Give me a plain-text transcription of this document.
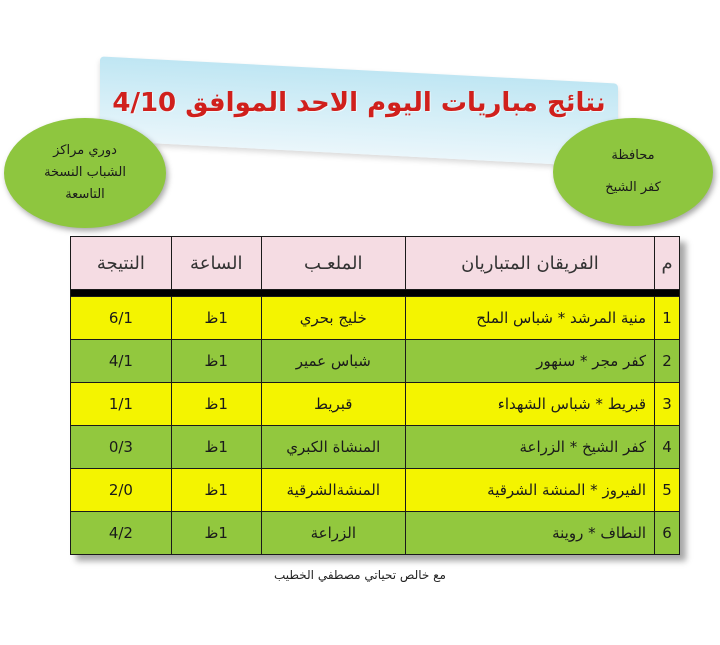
نتائج مباريات اليوم الاحد الموافق 4/10
دوري مراكز
الشباب النسخة
التاسعة
محافظة
كفر الشيخ
م	الفريقان المتباريان	الملعـب	الساعة	النتيجة

1	منية المرشد * شباس الملح	خليج بحري	1ظ	6/1
2	كفر مجر * سنهور	شباس عمير	1ظ	4/1
3	قبريط * شباس الشهداء	قبريط	1ظ	1/1
4	كفر الشيخ * الزراعة	المنشاة الكبري	1ظ	0/3
5	الفيروز * المنشة الشرقية	المنشةالشرقية	1ظ	2/0
6	النطاف * روينة	الزراعة	1ظ	4/2
مع خالص تحياتي مصطفي الخطيب
